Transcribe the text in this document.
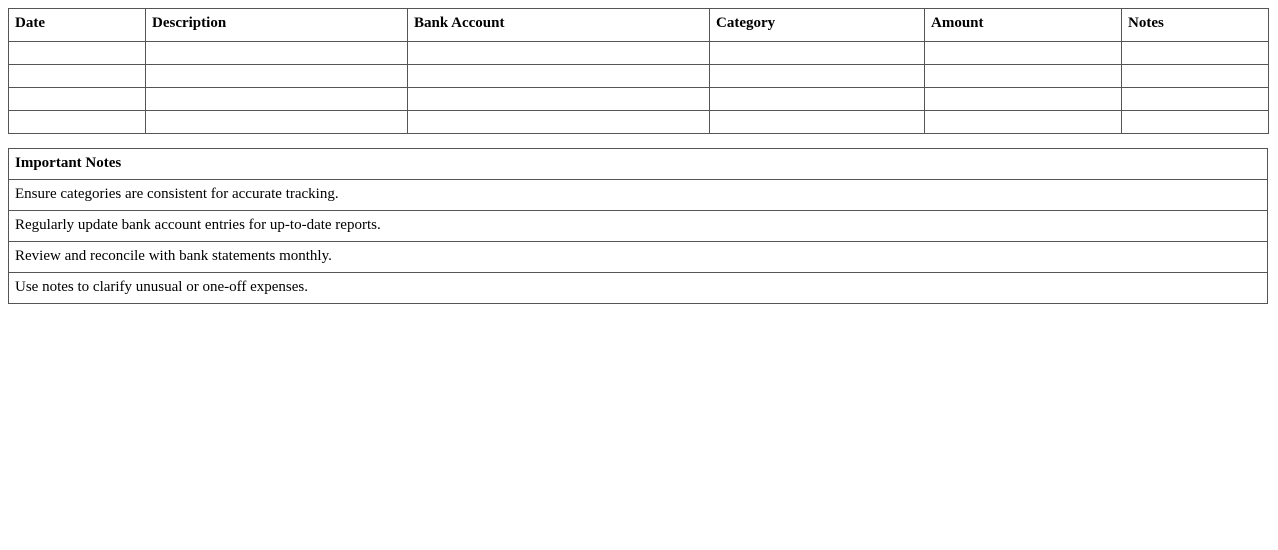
Date	Description	Bank Account	Category	Amount	Notes

Important Notes
Ensure categories are consistent for accurate tracking.
Regularly update bank account entries for up-to-date reports.
Review and reconcile with bank statements monthly.
Use notes to clarify unusual or one-off expenses.
